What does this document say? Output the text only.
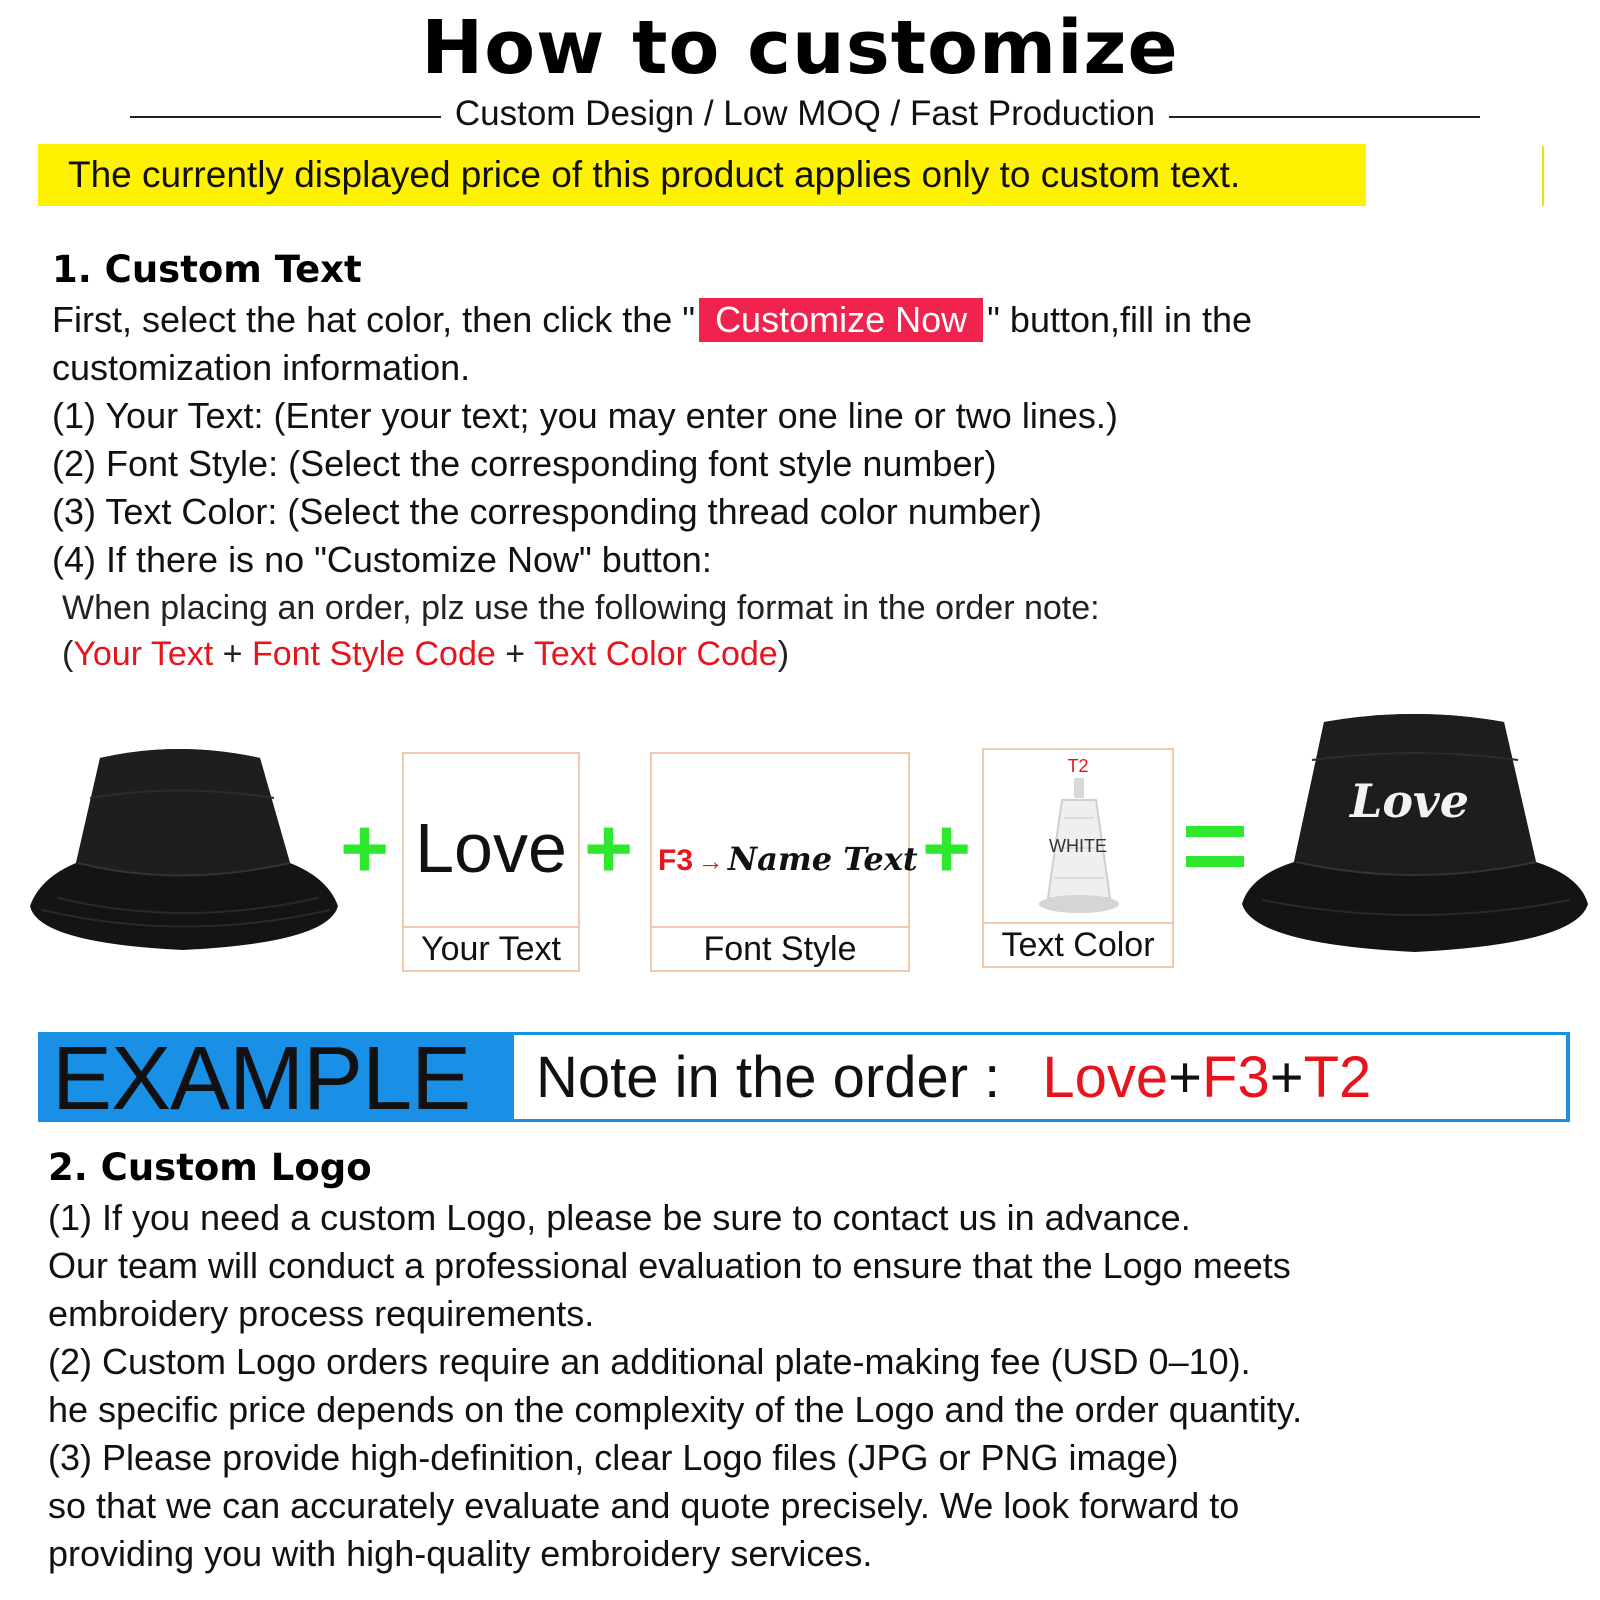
How to customize
Custom Design / Low MOQ / Fast Production
The currently displayed price of this product applies only to custom text.
1. Custom Text
First, select the hat color, then click the " Customize Now " button,fill in the
customization information.
(1) Your Text: (Enter your text; you may enter one line or two lines.)
(2) Font Style: (Select the corresponding font style number)
(3) Text Color: (Select the corresponding thread color number)
(4) If there is no "Customize Now" button:
When placing an order, plz use the following format in the order note:
(Your Text + Font Style Code + Text Color Code)
+ Love
Your Text
+ F3 → Name Text
Font Style
+
T2
WHITE
Text Color
Love
EXAMPLE	Note in the order : Love+F3+T2
2. Custom Logo
(1) If you need a custom Logo, please be sure to contact us in advance.
Our team will conduct a professional evaluation to ensure that the Logo meets
embroidery process requirements.
(2) Custom Logo orders require an additional plate-making fee (USD 0–10).
he specific price depends on the complexity of the Logo and the order quantity.
(3) Please provide high-definition, clear Logo files (JPG or PNG image)
so that we can accurately evaluate and quote precisely. We look forward to
providing you with high-quality embroidery services.
